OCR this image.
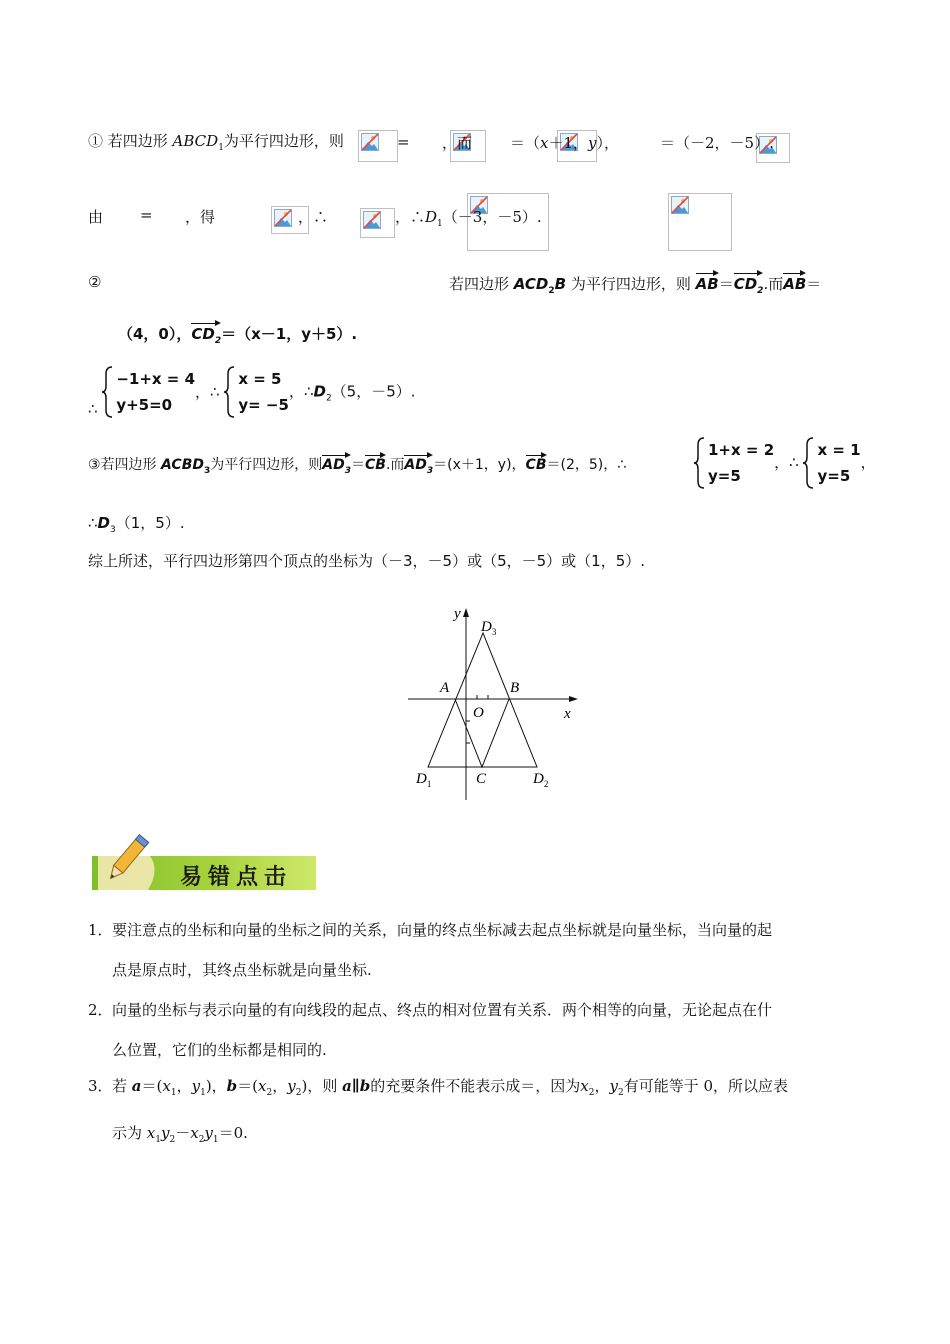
① 若四边形 $ABCD_1$为平行四边形，则
	=
，而
	＝（x＋1，y），
	＝（－2，－5）.
由
=
，得
	，∴	，$\therefore D_1(-3$，－5）.
②	若四边形 $ACD_2B$ 为平行四边形，则 $AB=CD_2$.而AB＝
（4，0），$CD_2=(x-1$，y＋5）.
∴
−1+x = 4
y+5=0
，∴
x = 5
y= −5
，$\therefore D_2(5$，－5）.
③若四边形 $ACBD_3$为平行四边形，则$AD_3=CB$.而$AD_3=(x+1$，y)，CB＝(2，5)，∴
1+x = 2
y=5
，∴
x = 1
y=5
，
$\therefore D_3(1$，5）.
综上所述，平行四边形第四个顶点的坐标为（－3，－5）或（5，－5）或（1，5）.
y
x
$D_3$
A	B
O
$D_1$	C	$D_2$
易错点击
1．要注意点的坐标和向量的坐标之间的关系，向量的终点坐标减去起点坐标就是向量坐标，当向量的起
点是原点时，其终点坐标就是向量坐标.
2．向量的坐标与表示向量的有向线段的起点、终点的相对位置有关系．两个相等的向量，无论起点在什
么位置，它们的坐标都是相同的.
3．若 $a=(x_1$，$y_1$)，$b=(x_2$，$y_2$)，则 a∥b的充要条件不能表示成＝，因为$x_2$，$y_2$有可能等于 0，所以应表
示为 $x_1y_2-x_2y_1=0$.
